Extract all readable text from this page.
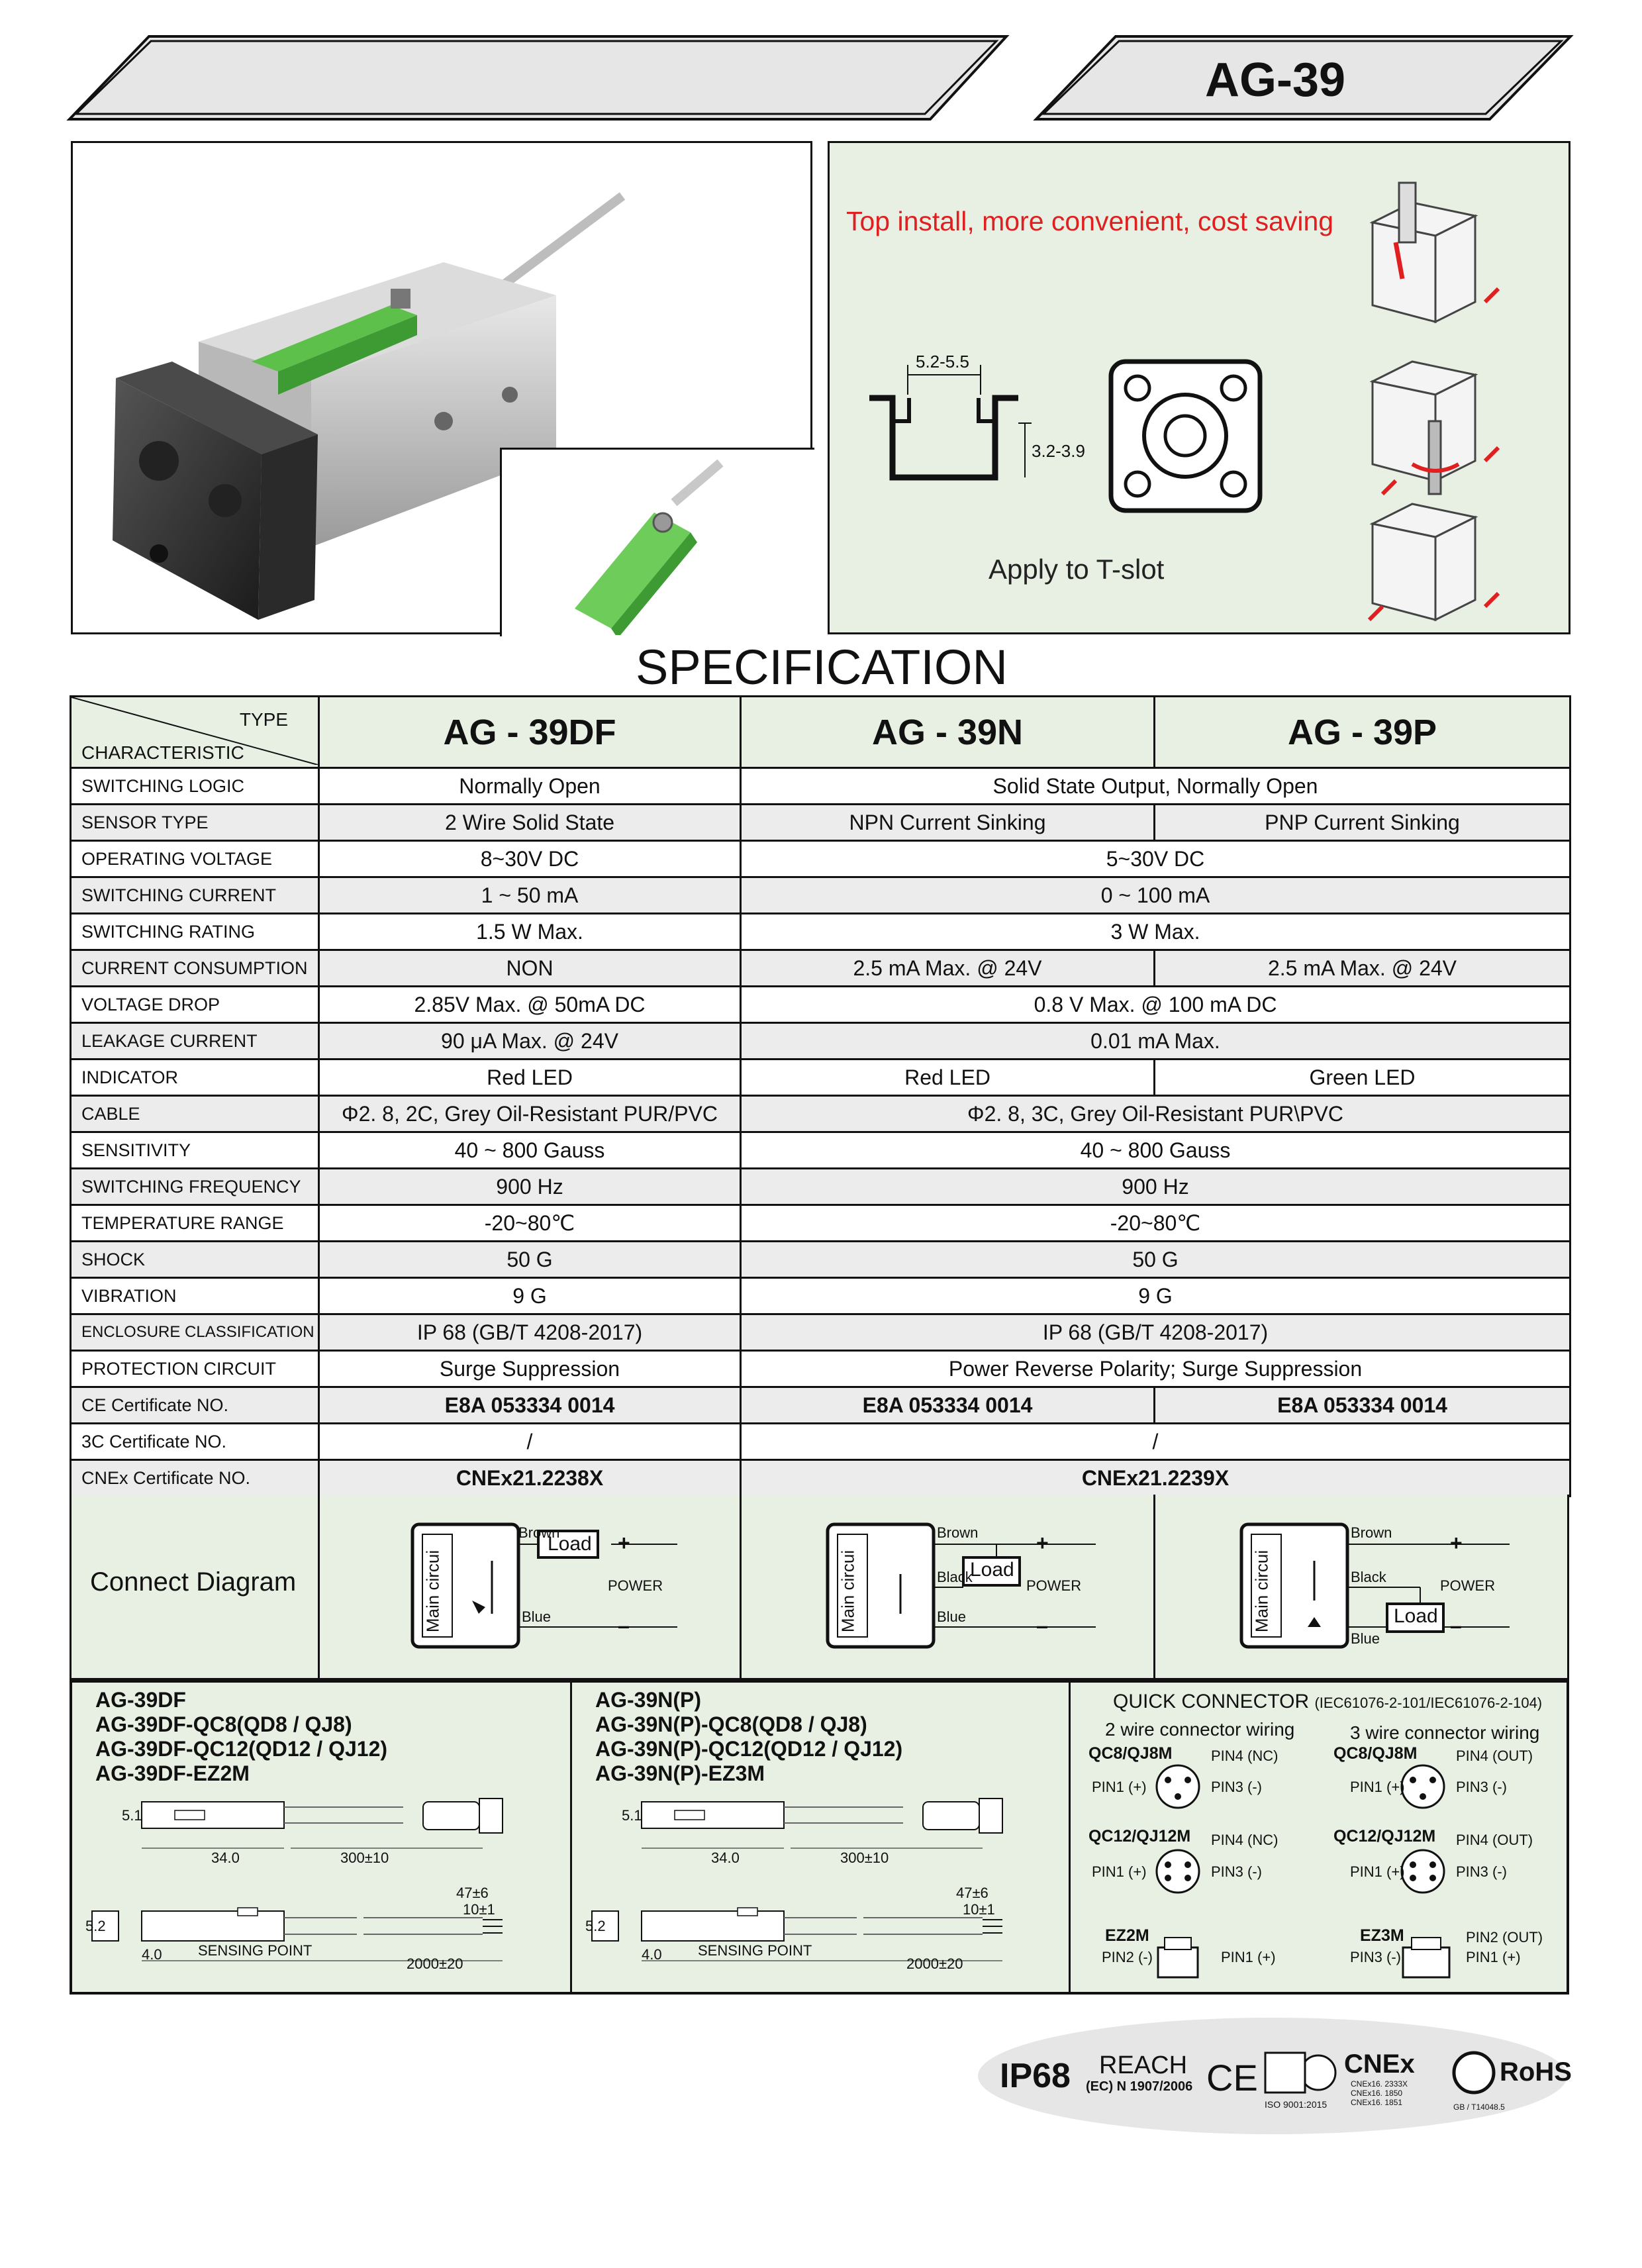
AG-39
Top install, more convenient, cost saving
5.2-5.5
3.2-3.9
Apply to T-slot
SPECIFICATION
TYPE
CHARACTERISTIC	AG - 39DF	AG - 39N	AG - 39P
SWITCHING LOGIC	Normally Open	Solid State Output, Normally Open	
SENSOR TYPE	2 Wire Solid State	NPN Current Sinking	PNP Current Sinking
OPERATING VOLTAGE	8~30V DC	5~30V DC	
SWITCHING CURRENT	1 ~ 50 mA	0 ~ 100 mA	
SWITCHING RATING	1.5 W Max.	3 W Max.	
CURRENT CONSUMPTION	NON	2.5 mA Max. @ 24V	2.5 mA Max. @ 24V
VOLTAGE DROP	2.85V Max. @ 50mA DC	0.8 V Max. @ 100 mA DC	
LEAKAGE CURRENT	90 μA Max. @ 24V	0.01 mA Max.	
INDICATOR	Red LED	Red LED	Green LED
CABLE	Φ2. 8, 2C, Grey Oil-Resistant PUR/PVC	Φ2. 8, 3C, Grey Oil-Resistant PUR\PVC	
SENSITIVITY	40 ~ 800 Gauss	40 ~ 800 Gauss	
SWITCHING FREQUENCY	900 Hz	900 Hz	
TEMPERATURE RANGE	-20~80℃	-20~80℃	
SHOCK	50 G	50 G	
VIBRATION	9 G	9 G	
ENCLOSURE CLASSIFICATION	IP 68 (GB/T 4208-2017)	IP 68 (GB/T 4208-2017)	
PROTECTION CIRCUIT	Surge Suppression	Power Reverse Polarity; Surge Suppression	
CE Certificate NO.	E8A 053334 0014	E8A 053334 0014	E8A 053334 0014
3C Certificate NO.	/	/	
CNEx Certificate NO.	CNEx21.2238X	CNEx21.2239X	
Connect Diagram	Main circui
Brown
Load +
POWER
Blue	–	Main circui
Brown
Black
Load
+
POWER
Blue	–	Main circui
Brown
Black
Load
+
POWER
Blue
–
AG-39DF
AG-39DF-QC8(QD8 / QJ8)
AG-39DF-QC12(QD12 / QJ12)
AG-39DF-EZ2M
5.1
34.0	300±10
5.2
47±6
10±1
4.0 SENSING POINT
2000±20
AG-39N(P)
AG-39N(P)-QC8(QD8 / QJ8)
AG-39N(P)-QC12(QD12 / QJ12)
AG-39N(P)-EZ3M
5.1
34.0	300±10
5.2
47±6
10±1
4.0 SENSING POINT
2000±20
QUICK CONNECTOR (IEC61076-2-101/IEC61076-2-104)
2 wire connector wiring	3 wire connector wiring
QC8/QJ8M	PIN4 (NC)
PIN1 (+)	PIN3 (-)
QC8/QJ8M	PIN4 (OUT)
PIN1 (+)	PIN3 (-)
QC12/QJ12M PIN4 (NC)
PIN1 (+)	PIN3 (-)
QC12/QJ12M PIN4 (OUT)
PIN1 (+)	PIN3 (-)
EZ2M
PIN2 (-)	PIN1 (+)
EZ3M	PIN2 (OUT)
PIN3 (-)	PIN1 (+)
IP68 REACH
(EC) N 1907/2006 CE
ISO 9001:2015
CNEx
CNEx16. 2333X
CNEx16. 1850
CNEx16. 1851	GB / T14048.5
RoHS
